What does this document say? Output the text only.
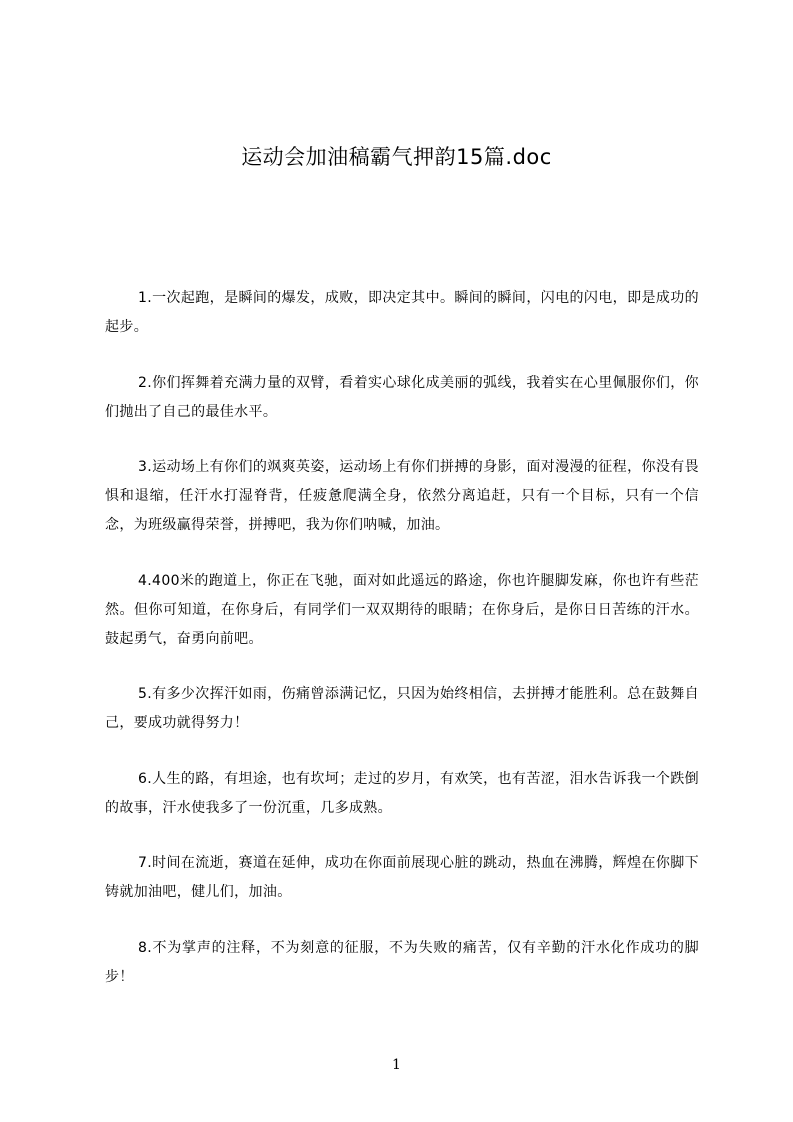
运动会加油稿霸气押韵15篇.doc

1.一次起跑，是瞬间的爆发，成败，即决定其中。瞬间的瞬间，闪电的闪电，即是成功的起步。

2.你们挥舞着充满力量的双臂，看着实心球化成美丽的弧线，我着实在心里佩服你们，你们抛出了自己的最佳水平。

3.运动场上有你们的飒爽英姿，运动场上有你们拼搏的身影，面对漫漫的征程，你没有畏惧和退缩，任汗水打湿脊背，任疲惫爬满全身，依然分离追赶，只有一个目标，只有一个信念，为班级赢得荣誉，拼搏吧，我为你们呐喊，加油。

4.400米的跑道上，你正在飞驰，面对如此遥远的路途，你也许腿脚发麻，你也许有些茫然。但你可知道，在你身后，有同学们一双双期待的眼睛；在你身后，是你日日苦练的汗水。鼓起勇气，奋勇向前吧。

5.有多少次挥汗如雨，伤痛曾添满记忆，只因为始终相信，去拼搏才能胜利。总在鼓舞自己，要成功就得努力！

6.人生的路，有坦途，也有坎坷；走过的岁月，有欢笑，也有苦涩，泪水告诉我一个跌倒的故事，汗水使我多了一份沉重，几多成熟。

7.时间在流逝，赛道在延伸，成功在你面前展现心脏的跳动，热血在沸腾，辉煌在你脚下铸就加油吧，健儿们，加油。

8.不为掌声的注释，不为刻意的征服，不为失败的痛苦，仅有辛勤的汗水化作成功的脚步！

1
